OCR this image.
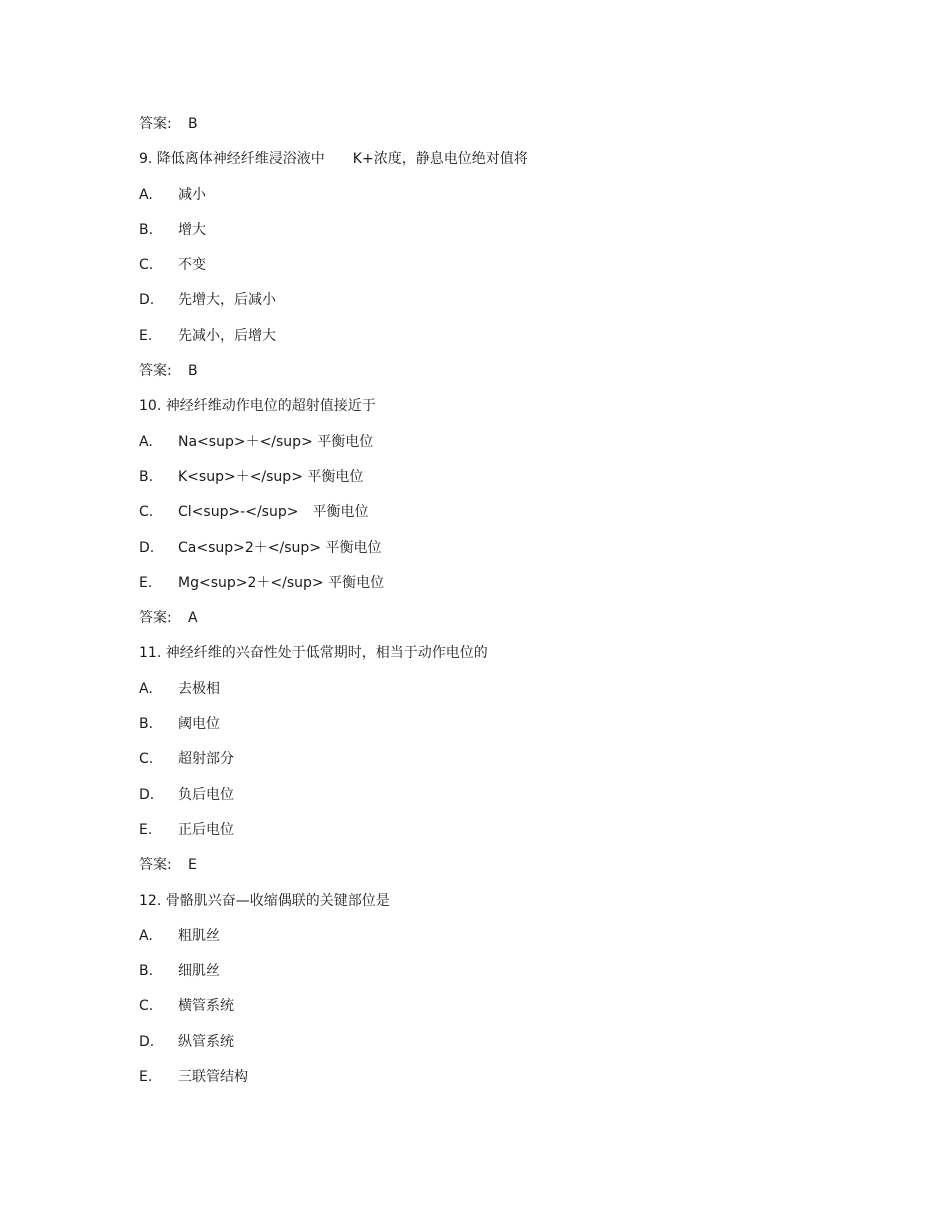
答案: B
9. 降低离体神经纤维浸浴液中　　K+浓度，静息电位绝对值将
A. 减小
B. 增大
C. 不变
D. 先增大，后减小
E. 先减小，后增大
答案: B
10. 神经纤维动作电位的超射值接近于
A. Na<sup>＋</sup> 平衡电位
B. K<sup>＋</sup> 平衡电位
C. Cl<sup>-</sup>　平衡电位
D. Ca<sup>2＋</sup> 平衡电位
E. Mg<sup>2＋</sup> 平衡电位
答案: A
11. 神经纤维的兴奋性处于低常期时，相当于动作电位的
A. 去极相
B. 阈电位
C. 超射部分
D. 负后电位
E. 正后电位
答案: E
12. 骨骼肌兴奋—收缩偶联的关键部位是
A. 粗肌丝
B. 细肌丝
C. 横管系统
D. 纵管系统
E. 三联管结构
